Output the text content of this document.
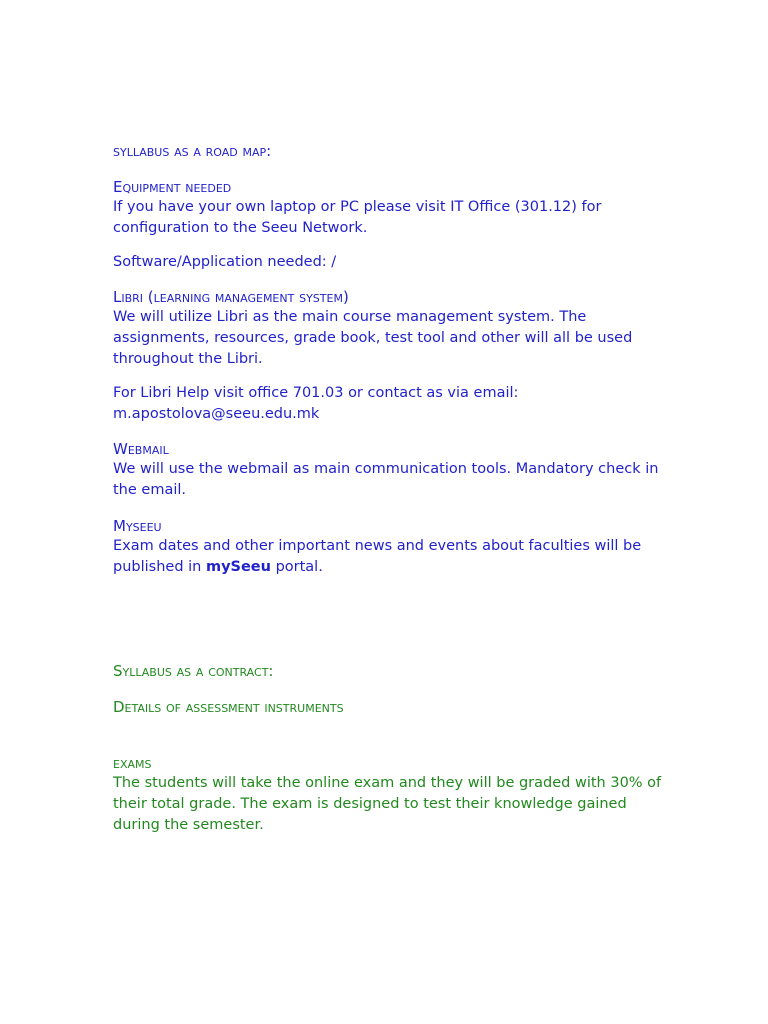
syllabus as a road map:

Equipment needed

If you have your own laptop or PC please visit IT Office (301.12) for configuration to the Seeu Network.

Software/Application needed: /

Libri (learning management system)

We will utilize Libri as the main course management system. The assignments, resources, grade book, test tool and other will all be used throughout the Libri.

For Libri Help visit office 701.03 or contact as via email: m.apostolova@seeu.edu.mk

Webmail

We will use the webmail as main communication tools. Mandatory check in the email.

Myseeu

Exam dates and other important news and events about faculties will be published in mySeeu portal.

Syllabus as a contract:

Details of assessment instruments

exams

The students will take the online exam and they will be graded with 30% of their total grade. The exam is designed to test their knowledge gained during the semester.
